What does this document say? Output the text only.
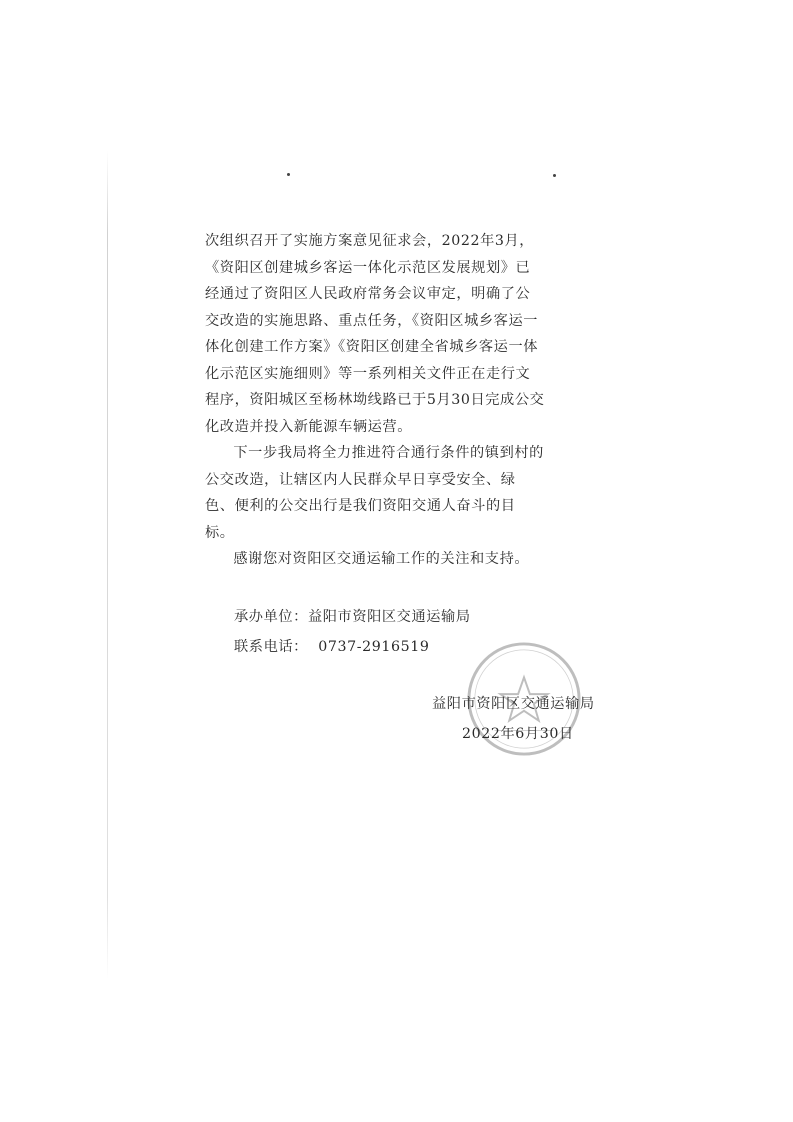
次组织召开了实施方案意见征求会，2022年3月，《资阳区创建城乡客运一体化示范区发展规划》已经通过了资阳区人民政府常务会议审定，明确了公交改造的实施思路、重点任务，《资阳区城乡客运一体化创建工作方案》《资阳区创建全省城乡客运一体化示范区实施细则》等一系列相关文件正在走行文程序，资阳城区至杨林坳线路已于5月30日完成公交化改造并投入新能源车辆运营。

下一步我局将全力推进符合通行条件的镇到村的公交改造，让辖区内人民群众早日享受安全、绿色、便利的公交出行是我们资阳交通人奋斗的目标。

感谢您对资阳区交通运输工作的关注和支持。

承办单位：益阳市资阳区交通运输局
联系电话： 0737-2916519
益阳市资阳区交通运输局
2022年6月30日
